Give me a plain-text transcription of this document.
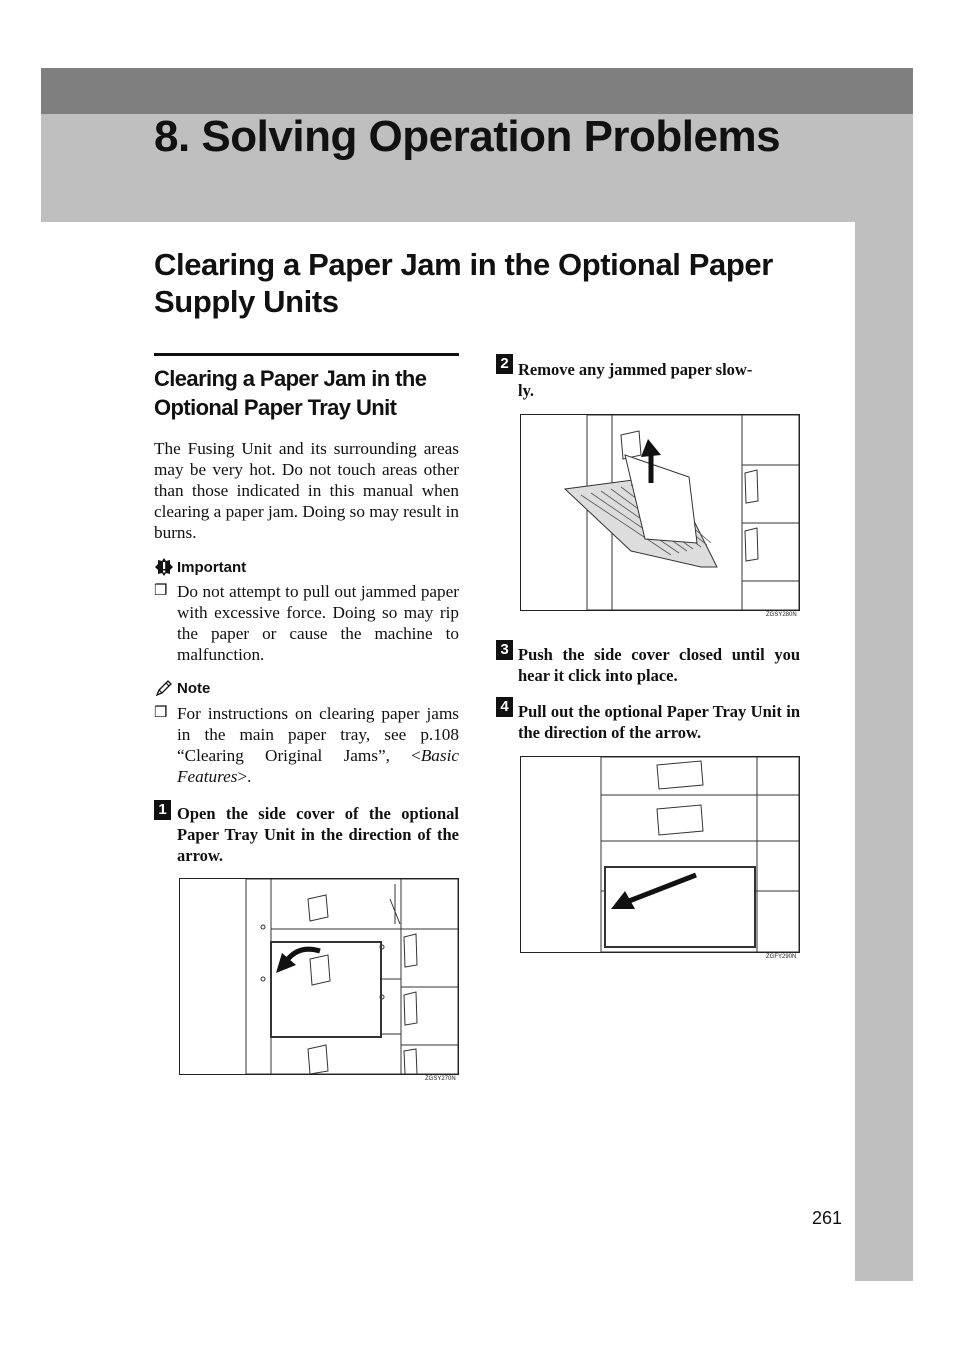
8. Solving Operation Problems
Clearing a Paper Jam in the Optional Paper Supply Units
Clearing a Paper Jam in the Optional Paper Tray Unit

The Fusing Unit and its surrounding areas may be very hot. Do not touch areas other than those indicated in this manual when clearing a paper jam. Doing so may result in burns.

Important
❒ Do not attempt to pull out jammed paper with excessive force. Doing so may rip the paper or cause the machine to malfunction.

Note
❒ For instructions on clearing paper jams in the main paper tray, see p.108 “Clearing Original Jams”, <Basic Features>.

1 Open the side cover of the optional Paper Tray Unit in the direction of the arrow.

ZGSY270N
2 Remove any jammed paper slow-
ly.

ZGSY280N
3 Push the side cover closed until you hear it click into place.

4 Pull out the optional Paper Tray Unit in the direction of the arrow.

ZGFY290N
261
